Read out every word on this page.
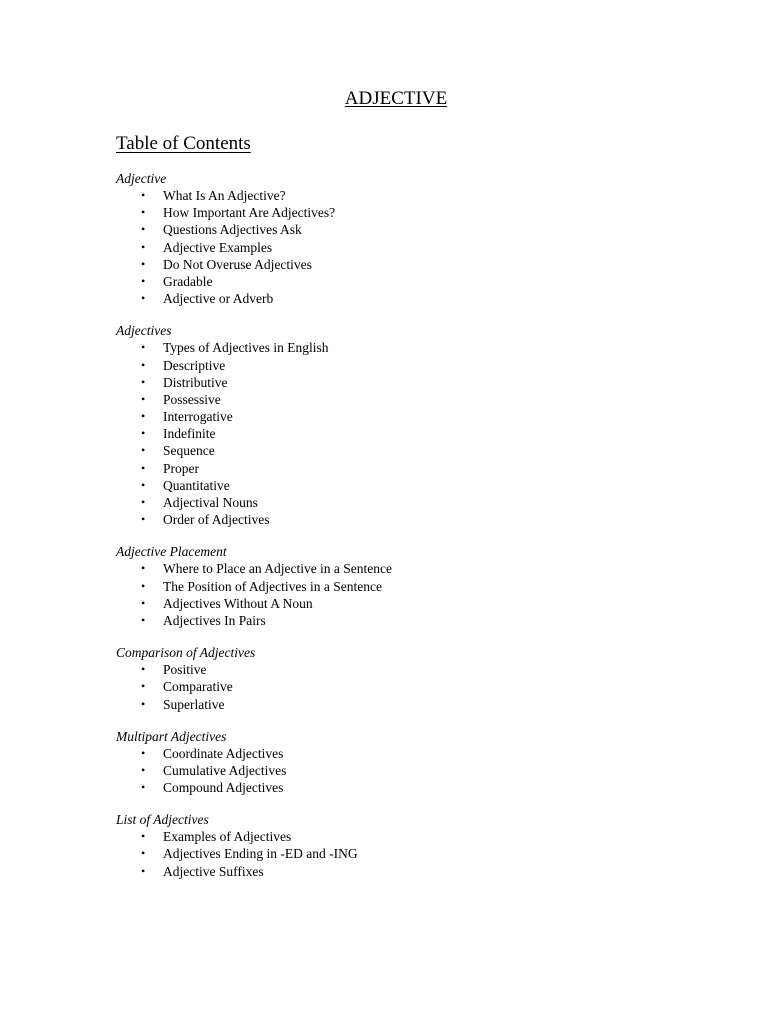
ADJECTIVE
Table of Contents
Adjective
• What Is An Adjective?
• How Important Are Adjectives?
• Questions Adjectives Ask
• Adjective Examples
• Do Not Overuse Adjectives
• Gradable
• Adjective or Adverb
Adjectives
• Types of Adjectives in English
• Descriptive
• Distributive
• Possessive
• Interrogative
• Indefinite
• Sequence
• Proper
• Quantitative
• Adjectival Nouns
• Order of Adjectives
Adjective Placement
• Where to Place an Adjective in a Sentence
• The Position of Adjectives in a Sentence
• Adjectives Without A Noun
• Adjectives In Pairs
Comparison of Adjectives
• Positive
• Comparative
• Superlative
Multipart Adjectives
• Coordinate Adjectives
• Cumulative Adjectives
• Compound Adjectives
List of Adjectives
• Examples of Adjectives
• Adjectives Ending in -ED and -ING
• Adjective Suffixes
